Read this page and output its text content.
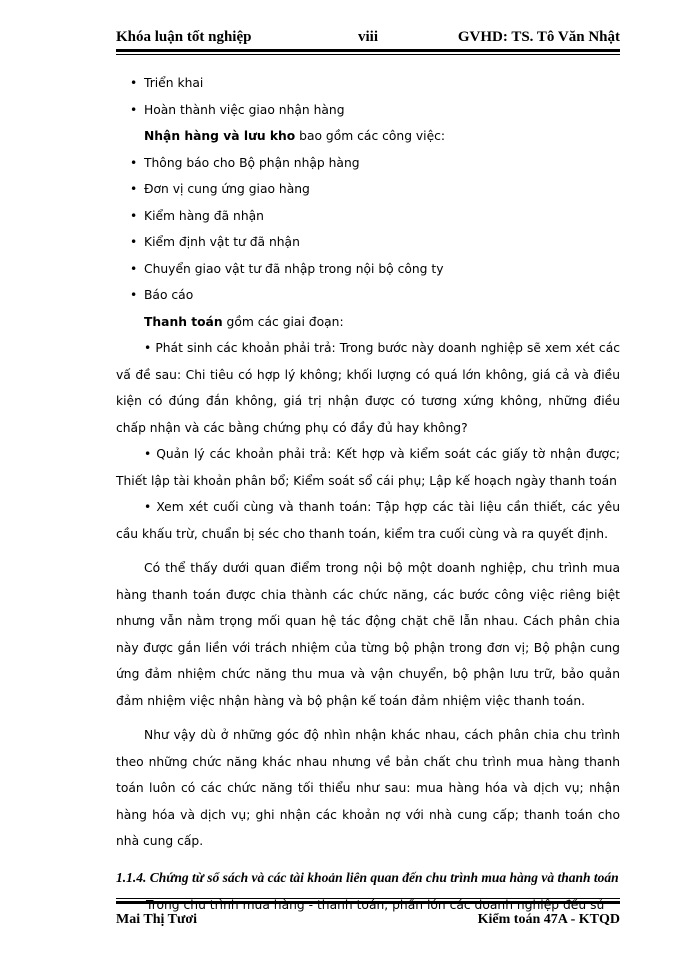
Khóa luận tốt nghiệp	viii	GVHD: TS. Tô Văn Nhật
• Triển khai
• Hoàn thành việc giao nhận hàng
Nhận hàng và lưu kho bao gồm các công việc:
• Thông báo cho Bộ phận nhập hàng
• Đơn vị cung ứng giao hàng
• Kiểm hàng đã nhận
• Kiểm định vật tư đã nhận
• Chuyển giao vật tư đã nhập trong nội bộ công ty
• Báo cáo
Thanh toán gồm các giai đoạn:
• Phát sinh các khoản phải trả: Trong bước này doanh nghiệp sẽ xem xét các vấ đề sau: Chi tiêu có hợp lý không; khối lượng có quá lớn không, giá cả và điều kiện có đúng đắn không, giá trị nhận được có tương xứng không, những điều chấp nhận và các bằng chứng phụ có đầy đủ hay không?
• Quản lý các khoản phải trả: Kết hợp và kiểm soát các giấy tờ nhận được; Thiết lập tài khoản phân bổ; Kiểm soát sổ cái phụ; Lập kế hoạch ngày thanh toán
• Xem xét cuối cùng và thanh toán: Tập hợp các tài liệu cần thiết, các yêu cầu khấu trừ, chuẩn bị séc cho thanh toán, kiểm tra cuối cùng và ra quyết định.
Có thể thấy dưới quan điểm trong nội bộ một doanh nghiệp, chu trình mua hàng thanh toán được chia thành các chức năng, các bước công việc riêng biệt nhưng vẫn nằm trọng mối quan hệ tác động chặt chẽ lẫn nhau. Cách phân chia này được gắn liền với trách nhiệm của từng bộ phận trong đơn vị; Bộ phận cung ứng đảm nhiệm chức năng thu mua và vận chuyển, bộ phận lưu trữ, bảo quản đảm nhiệm việc nhận hàng và bộ phận kế toán đảm nhiệm việc thanh toán.
Như vậy dù ở những góc độ nhìn nhận khác nhau, cách phân chia chu trình theo những chức năng khác nhau nhưng về bản chất chu trình mua hàng thanh toán luôn có các chức năng tối thiểu như sau: mua hàng hóa và dịch vụ; nhận hàng hóa và dịch vụ; ghi nhận các khoản nợ với nhà cung cấp; thanh toán cho nhà cung cấp.
1.1.4. Chứng từ sổ sách và các tài khoản liên quan đến chu trình mua hàng và thanh toán
Trong chu trình mua hàng - thanh toán, phần lớn các doanh nghiệp đều sử
Mai Thị Tươi	Kiểm toán 47A - KTQD
